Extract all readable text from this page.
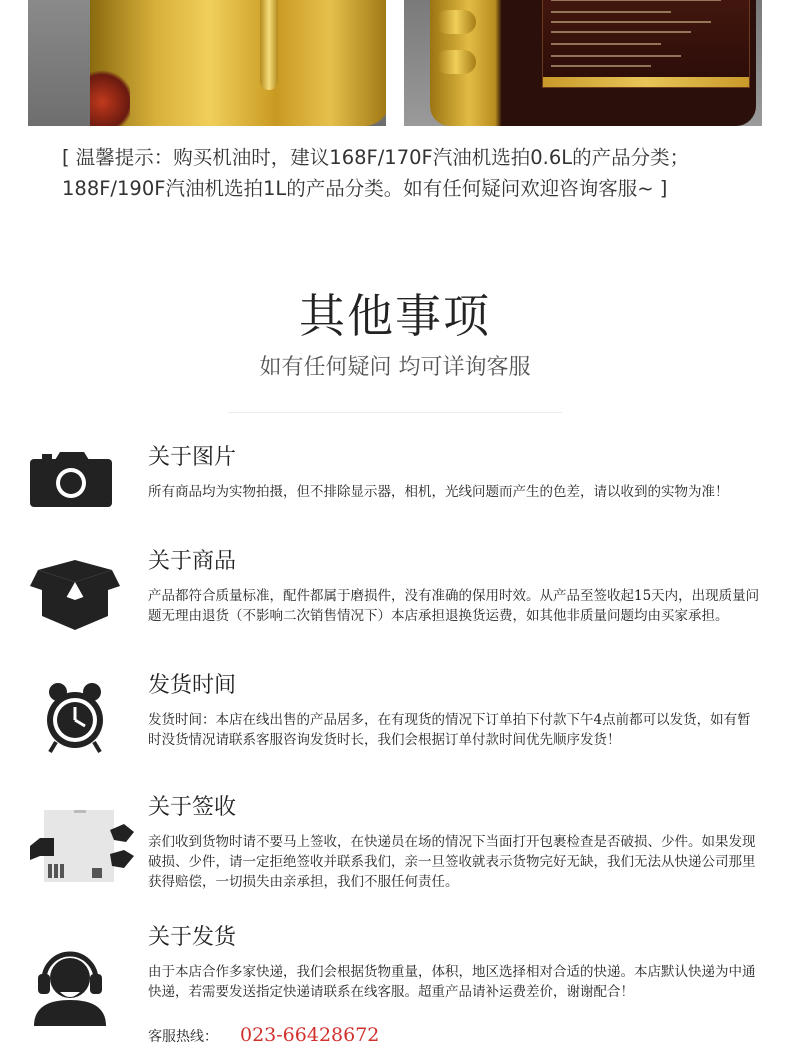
[ 温馨提示：购买机油时，建议168F/170F汽油机选拍0.6L的产品分类；
188F/190F汽油机选拍1L的产品分类。如有任何疑问欢迎咨询客服~ ]

其他事项

如有任何疑问 均可详询客服

关于图片

所有商品均为实物拍摄，但不排除显示器，相机，光线问题而产生的色差，请以收到的实物为准！

关于商品

产品都符合质量标准，配件都属于磨损件，没有准确的保用时效。从产品至签收起15天内，出现质量问题无理由退货（不影响二次销售情况下）本店承担退换货运费，如其他非质量问题均由买家承担。

发货时间

发货时间：本店在线出售的产品居多，在有现货的情况下订单拍下付款下午4点前都可以发货，如有暂时没货情况请联系客服咨询发货时长，我们会根据订单付款时间优先顺序发货！

关于签收

亲们收到货物时请不要马上签收，在快递员在场的情况下当面打开包裹检查是否破损、少件。如果发现破损、少件，请一定拒绝签收并联系我们，亲一旦签收就表示货物完好无缺，我们无法从快递公司那里获得赔偿，一切损失由亲承担，我们不服任何责任。

关于发货

由于本店合作多家快递，我们会根据货物重量，体积，地区选择相对合适的快递。本店默认快递为中通快递，若需要发送指定快递请联系在线客服。超重产品请补运费差价，谢谢配合！

客服热线： 023-66428672
